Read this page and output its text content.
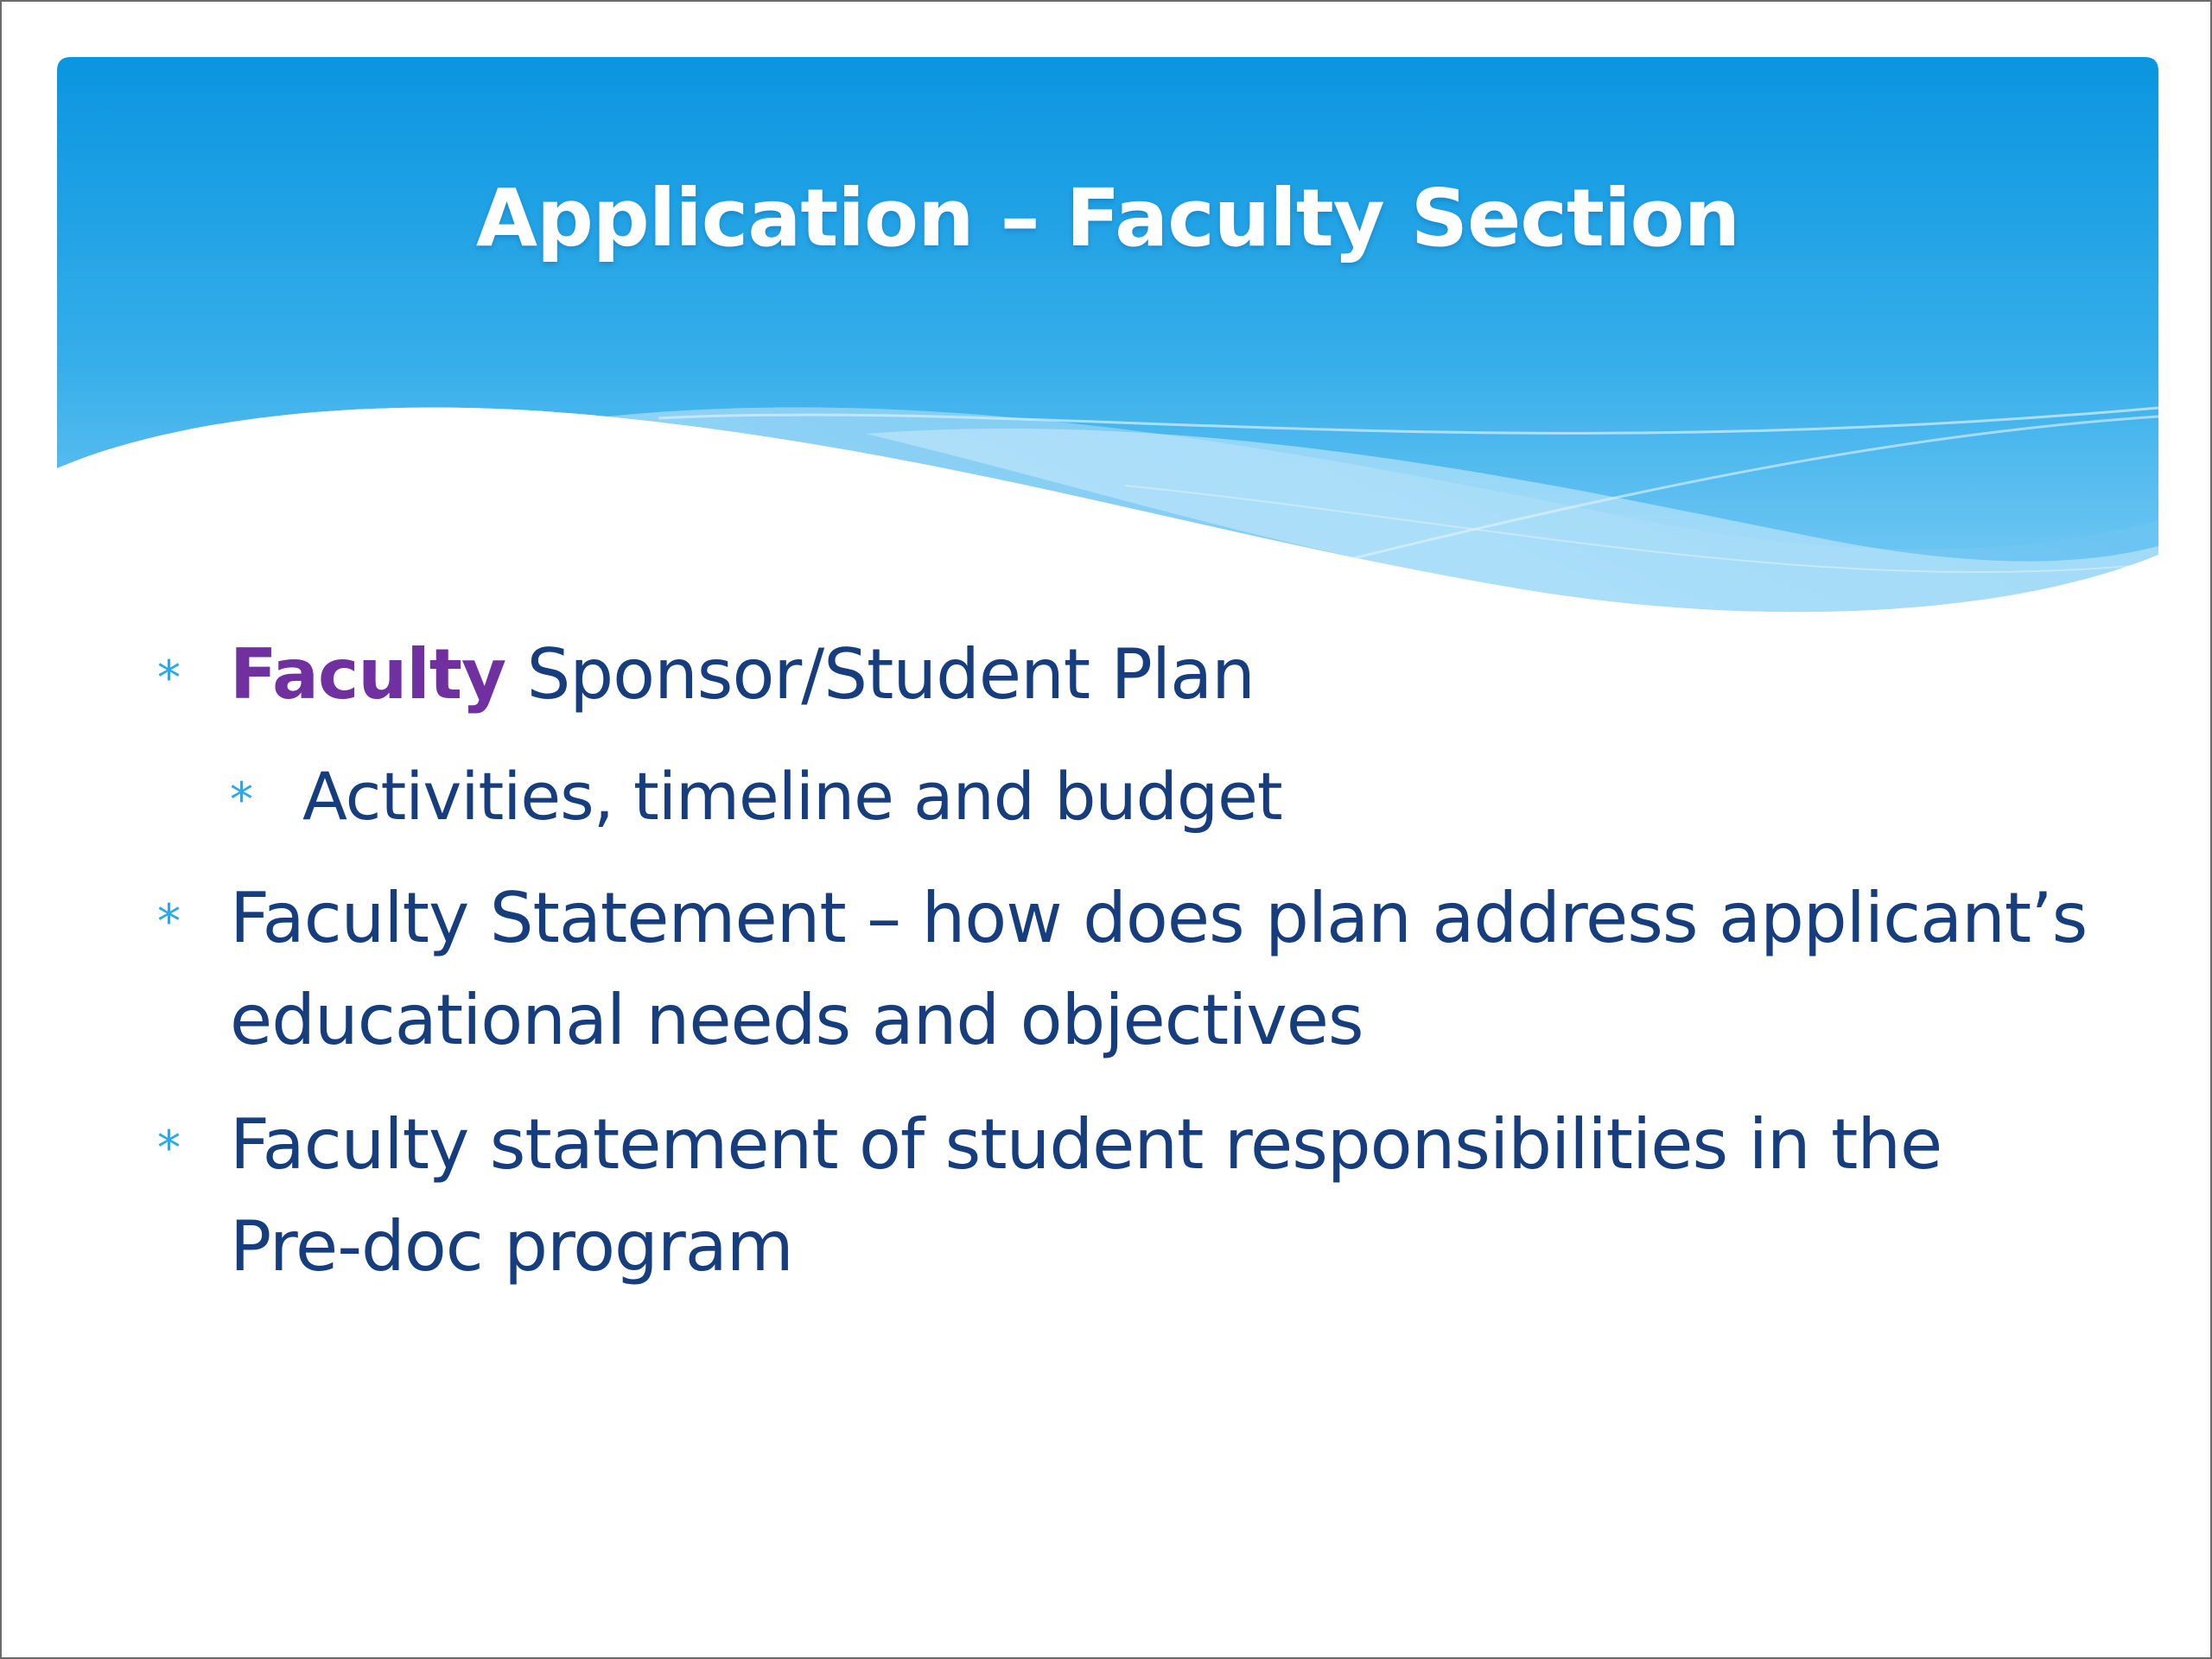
Application – Faculty Section
* Faculty Sponsor/Student Plan
* Activities, timeline and budget
* Faculty Statement – how does plan address applicant’s educational needs and objectives
* Faculty statement of student responsibilities in the Pre-doc program
